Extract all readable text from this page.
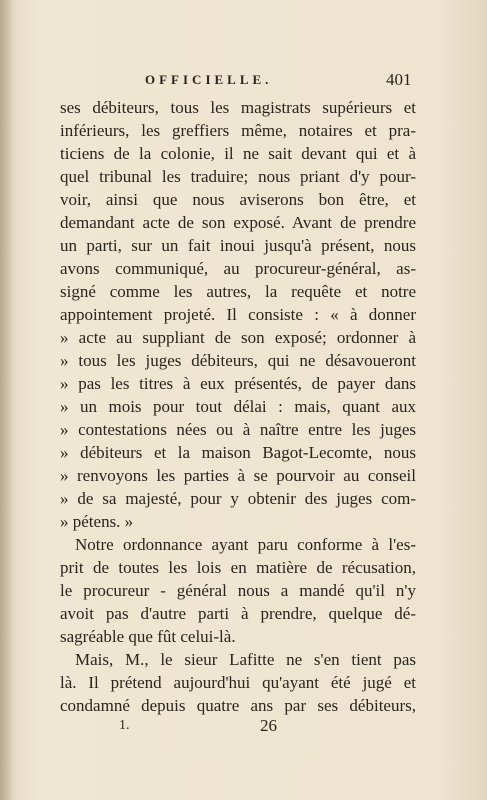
OFFICIELLE.	401
ses débiteurs, tous les magistrats supérieurs et
inférieurs, les greffiers même, notaires et pra-
ticiens de la colonie, il ne sait devant qui et à
quel tribunal les traduire; nous priant d'y pour-
voir, ainsi que nous aviserons bon être, et
demandant acte de son exposé. Avant de prendre
un parti, sur un fait inoui jusqu'à présent, nous
avons communiqué, au procureur-général, as-
signé comme les autres, la requête et notre
appointement projeté. Il consiste : « à donner
» acte au suppliant de son exposé; ordonner à
» tous les juges débiteurs, qui ne désavoueront
» pas les titres à eux présentés, de payer dans
» un mois pour tout délai : mais, quant aux
» contestations nées ou à naître entre les juges
» débiteurs et la maison Bagot-Lecomte, nous
» renvoyons les parties à se pourvoir au conseil
» de sa majesté, pour y obtenir des juges com-
» pétens. »
Notre ordonnance ayant paru conforme à l'es-
prit de toutes les lois en matière de récusation,
le procureur - général nous a mandé qu'il n'y
avoit pas d'autre parti à prendre, quelque dé-
sagréable que fût celui-là.
Mais, M., le sieur Lafitte ne s'en tient pas
là. Il prétend aujourd'hui qu'ayant été jugé et
condamné depuis quatre ans par ses débiteurs,
1.	26
